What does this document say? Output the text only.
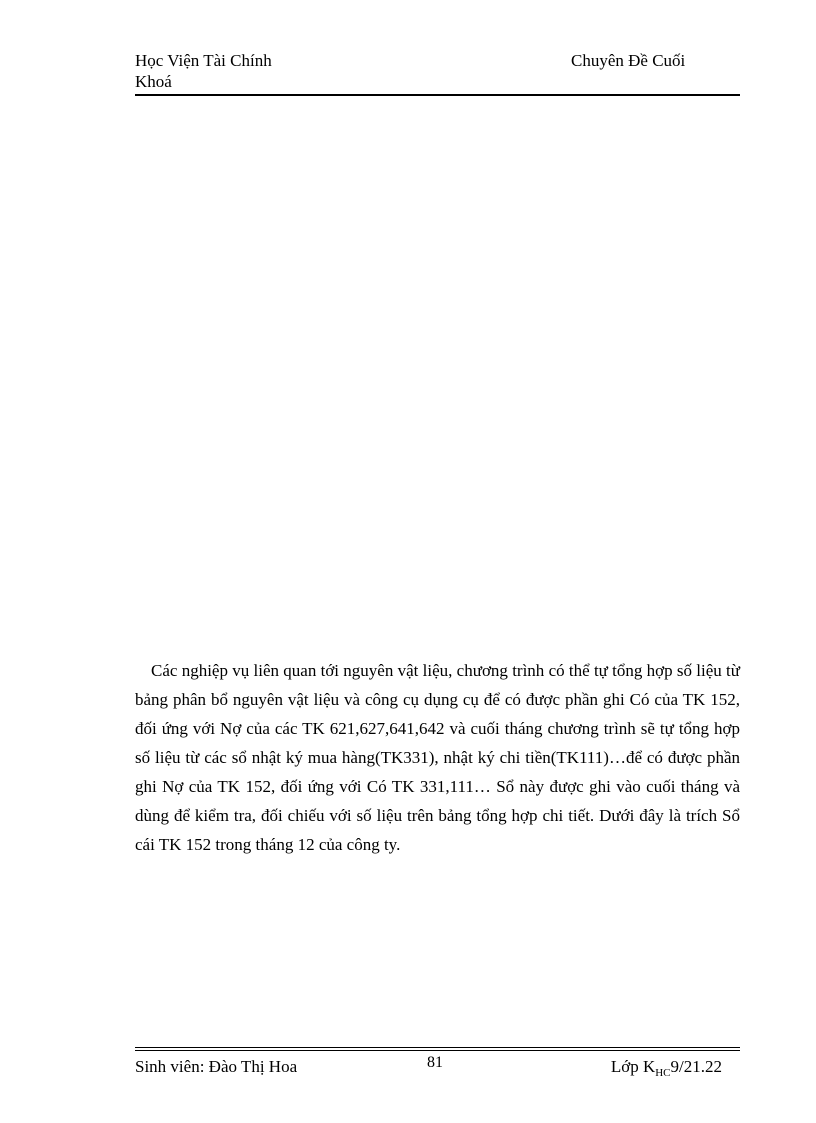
Học Viện Tài Chính	Chuyên Đề Cuối
Khoá

Các nghiệp vụ liên quan tới nguyên vật liệu, chương trình có thể tự tổng hợp số liệu từ bảng phân bổ nguyên vật liệu và công cụ dụng cụ để có được phần ghi Có của TK 152, đối ứng với Nợ của các TK 621,627,641,642 và cuối tháng chương trình sẽ tự tổng hợp số liệu từ các sổ nhật ký mua hàng(TK331), nhật ký chi tiền(TK111)…để có được phần ghi Nợ của TK 152, đối ứng với Có TK 331,111… Sổ này được ghi vào cuối tháng và dùng để kiểm tra, đối chiếu với số liệu trên bảng tổng hợp chi tiết. Dưới đây là trích Sổ cái TK 152 trong tháng 12 của công ty.

Sinh viên: Đào Thị Hoa	81	Lớp $K_{HC}9/21.22$
